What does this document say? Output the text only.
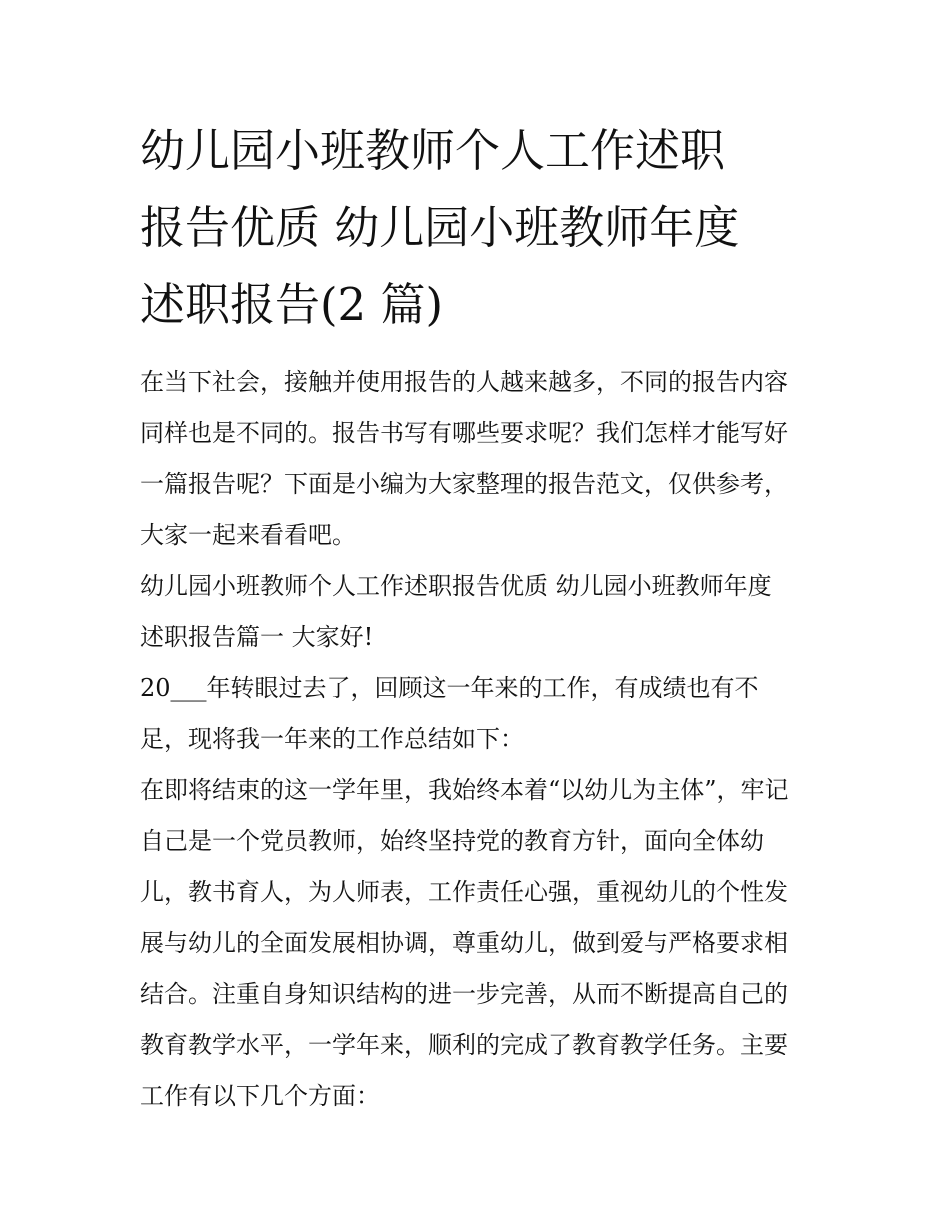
幼儿园小班教师个人工作述职
报告优质 幼儿园小班教师年度
述职报告(2 篇)
在当下社会，接触并使用报告的人越来越多，不同的报告内容
同样也是不同的。报告书写有哪些要求呢？我们怎样才能写好
一篇报告呢？下面是小编为大家整理的报告范文，仅供参考，
大家一起来看看吧。
幼儿园小班教师个人工作述职报告优质 幼儿园小班教师年度
述职报告篇一 大家好!
20___年转眼过去了，回顾这一年来的工作，有成绩也有不
足，现将我一年来的工作总结如下：
在即将结束的这一学年里，我始终本着“以幼儿为主体”，牢记
自己是一个党员教师，始终坚持党的教育方针，面向全体幼
儿，教书育人，为人师表，工作责任心强，重视幼儿的个性发
展与幼儿的全面发展相协调，尊重幼儿，做到爱与严格要求相
结合。注重自身知识结构的进一步完善，从而不断提高自己的
教育教学水平，一学年来，顺利的完成了教育教学任务。主要
工作有以下几个方面：
